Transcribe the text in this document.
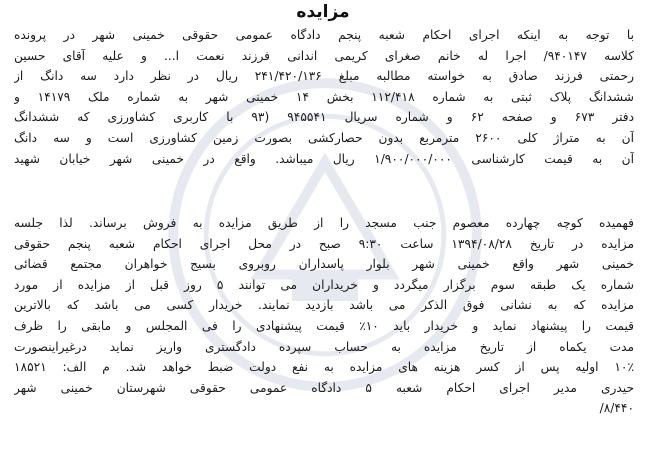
مزایده
با توجه به اینکه اجرای احکام شعبه پنجم دادگاه عمومی حقوقی خمینی شهر در پرونده
کلاسه ۹۴۰۱۴۷/ اجرا له خانم صغرای کریمی اندانی فرزند نعمت ا... و علیه آقای حسین
رحمتی فرزند صادق به خواسته مطالبه مبلغ ۲۴۱/۴۲۰/۱۳۶ ریال در نظر دارد سه دانگ از
ششدانگ پلاک ثبتی به شماره ۱۱۲/۴۱۸ بخش ۱۴ خمینی شهر به شماره ملک ۱۴۱۷۹ و
دفتر ۶۷۳ و صفحه ۶۲ و شماره سریال ۹۴۵۵۴۱ (۹۳ با کاربری کشاورزی که ششدانگ
آن به متراژ کلی ۲۶۰۰ مترمربع بدون حصارکشی بصورت زمین کشاورزی است و سه دانگ
آن به قیمت کارشناسی ۱/۹۰۰/۰۰۰/۰۰۰ ریال میباشد. واقع در خمینی شهر خیابان شهید
فهمیده کوچه چهارده معصوم جنب مسجد را از طریق مزایده به فروش برساند. لذا جلسه
مزایده در تاریخ ۱۳۹۴/۰۸/۲۸ ساعت ۹:۳۰ صبح در محل اجرای احکام شعبه پنجم حقوقی
خمینی شهر واقع خمینی شهر بلوار پاسداران روبروی بسیج خواهران مجتمع قضائی
شماره یک طبقه سوم برگزار میگردد و خریداران می توانند ۵ روز قبل از مزایده از مورد
مزایده که به نشانی فوق الذکر می باشد بازدید نمایند. خریدار کسی می باشد که بالاترین
قیمت را پیشنهاد نماید و خریدار باید ۱۰٪ قیمت پیشنهادی را فی المجلس و مابقی را ظرف
مدت یکماه از تاریخ مزایده به حساب سپرده دادگستری واریز نماید درغیراینصورت
۱۰٪ اولیه پس از کسر هزینه های مزایده به نفع دولت ضبط خواهد شد. م الف: ۱۸۵۲۱
حیدری مدیر اجرای احکام شعبه ۵ دادگاه عمومی حقوقی شهرستان خمینی شهر
۸/۴۴۰/
